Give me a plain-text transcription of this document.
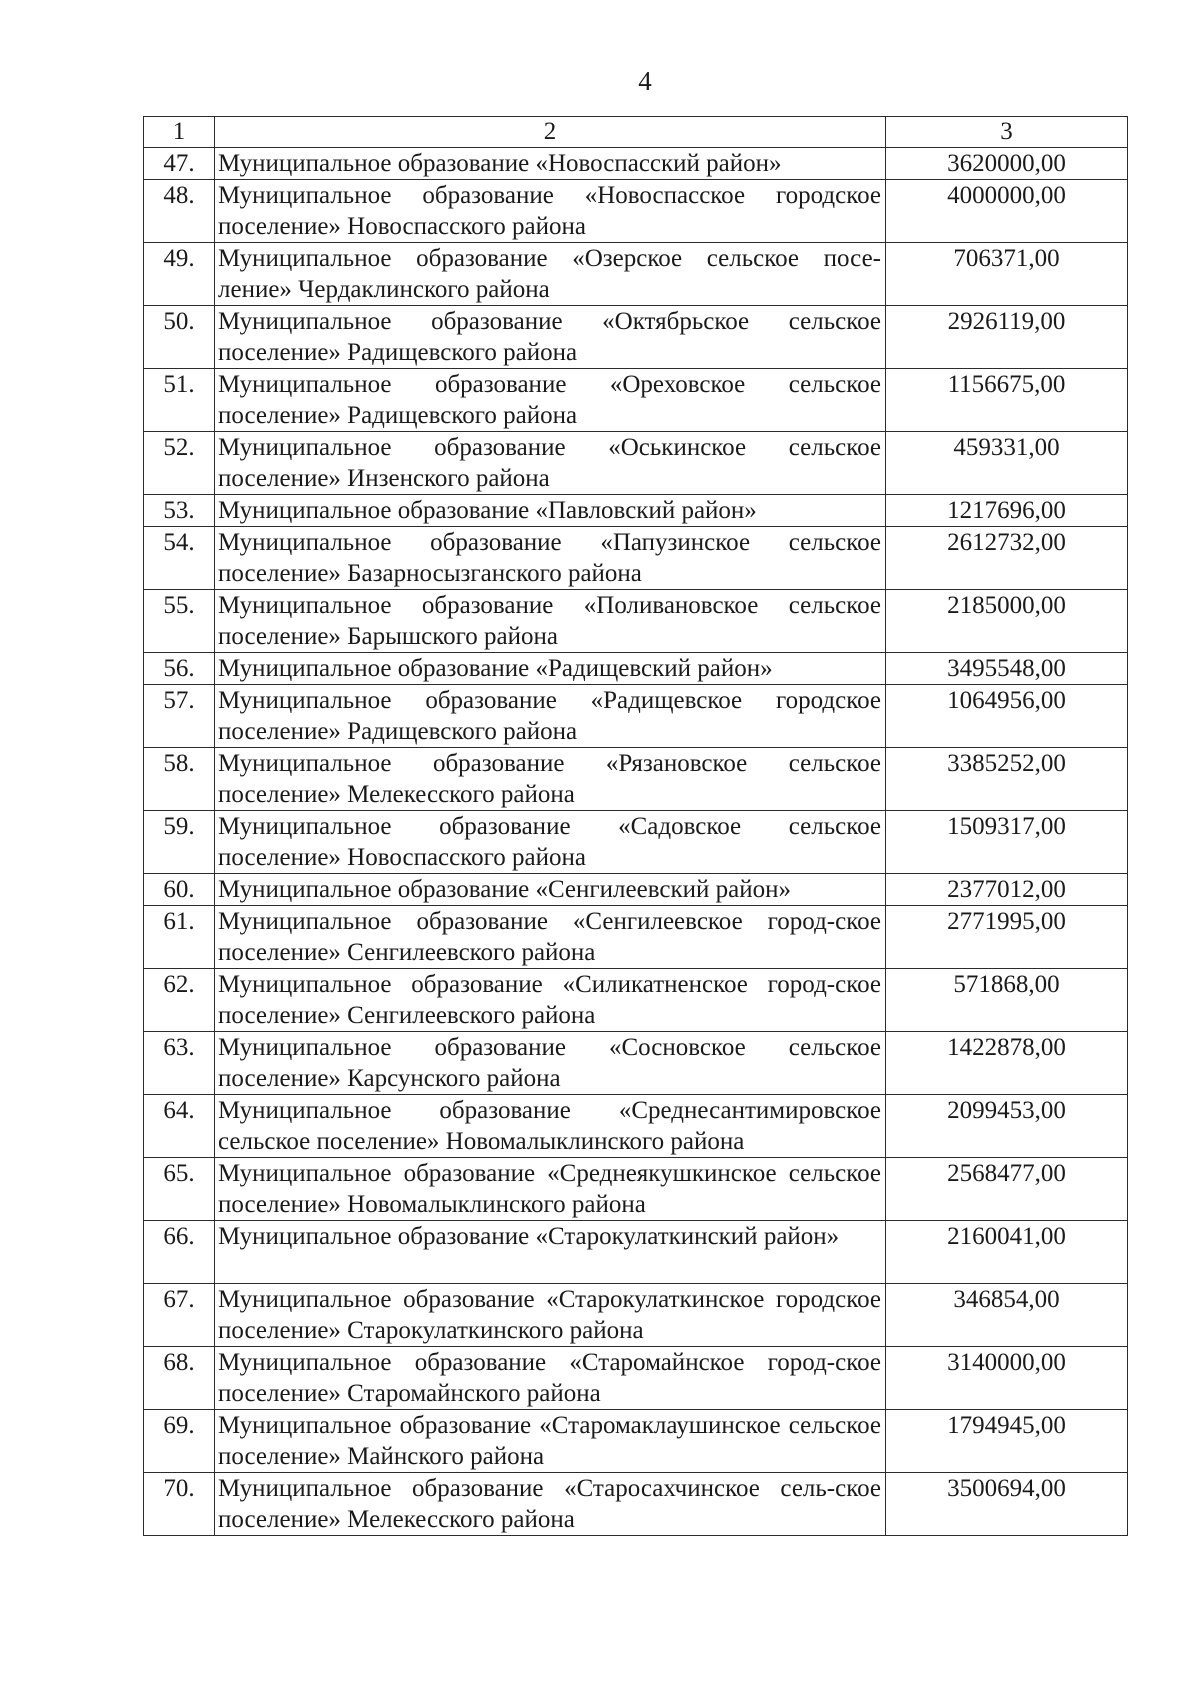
4
1	2	3
47.	Муниципальное образование «Новоспасский район»	3620000,00
48.	Муниципальное образование «Новоспасское городское поселение» Новоспасского района	4000000,00
49.	Муниципальное образование «Озерское сельское посе-ление» Чердаклинского района	706371,00
50.	Муниципальное образование «Октябрьское сельское поселение» Радищевского района	2926119,00
51.	Муниципальное образование «Ореховское сельское поселение» Радищевского района	1156675,00
52.	Муниципальное образование «Оськинское сельское поселение» Инзенского района	459331,00
53.	Муниципальное образование «Павловский район»	1217696,00
54.	Муниципальное образование «Папузинское сельское поселение» Базарносызганского района	2612732,00
55.	Муниципальное образование «Поливановское сельское поселение» Барышского района	2185000,00
56.	Муниципальное образование «Радищевский район»	3495548,00
57.	Муниципальное образование «Радищевское городское поселение» Радищевского района	1064956,00
58.	Муниципальное образование «Рязановское сельское поселение» Мелекесского района	3385252,00
59.	Муниципальное образование «Садовское сельское поселение» Новоспасского района	1509317,00
60.	Муниципальное образование «Сенгилеевский район»	2377012,00
61.	Муниципальное образование «Сенгилеевское город-ское поселение» Сенгилеевского района	2771995,00
62.	Муниципальное образование «Силикатненское город-ское поселение» Сенгилеевского района	571868,00
63.	Муниципальное образование «Сосновское сельское поселение» Карсунского района	1422878,00
64.	Муниципальное образование «Среднесантимировское сельское поселение» Новомалыклинского района	2099453,00
65.	Муниципальное образование «Среднеякушкинское сельское поселение» Новомалыклинского района	2568477,00
66.	Муниципальное образование «Старокулаткинский район»	2160041,00
67.	Муниципальное образование «Старокулаткинское городское поселение» Старокулаткинского района	346854,00
68.	Муниципальное образование «Старомайнское город-ское поселение» Старомайнского района	3140000,00
69.	Муниципальное образование «Старомаклаушинское сельское поселение» Майнского района	1794945,00
70.	Муниципальное образование «Старосахчинское сель-ское поселение» Мелекесского района	3500694,00
